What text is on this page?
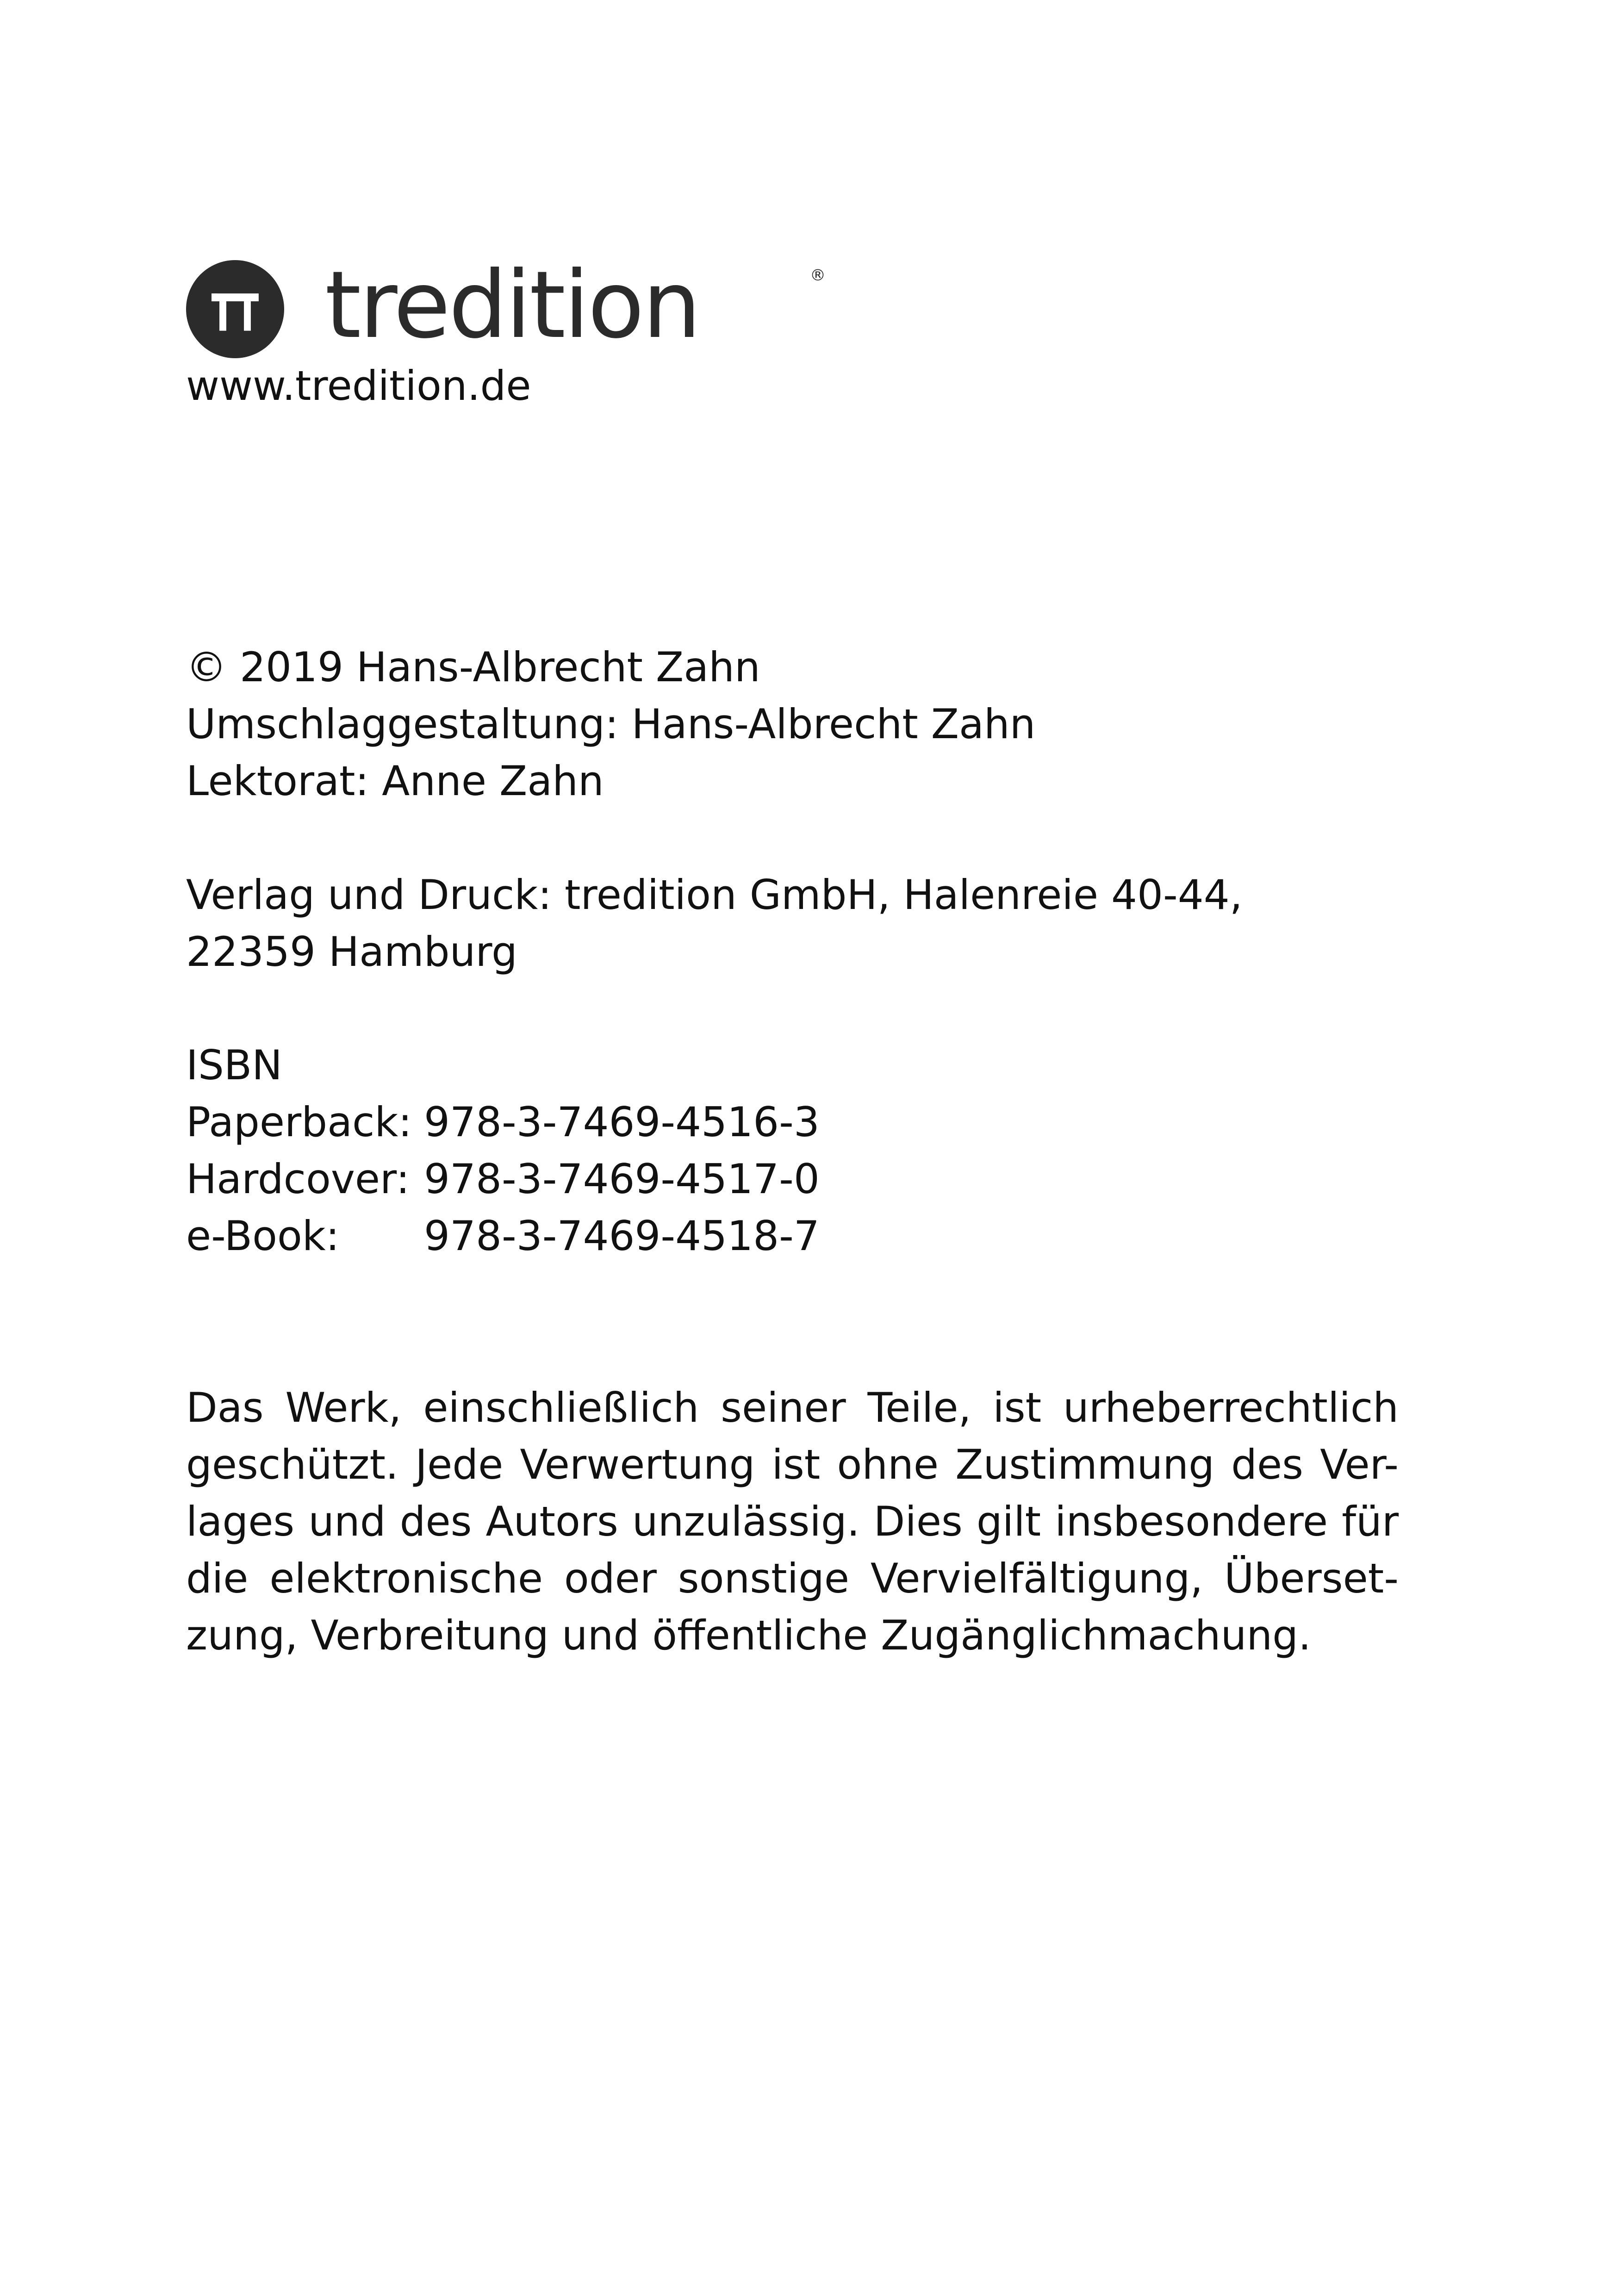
tredition	®
www.tredition.de
© 2019 Hans-Albrecht Zahn
Umschlaggestaltung: Hans-Albrecht Zahn
Lektorat: Anne Zahn
Verlag und Druck: tredition GmbH, Halenreie 40-44,
22359 Hamburg
ISBN
Paperback: 978-3-7469-4516-3
Hardcover: 978-3-7469-4517-0
e-Book:	978-3-7469-4518-7
Das Werk, einschließlich seiner Teile, ist urheberrechtlich geschützt. Jede Verwertung ist ohne Zustimmung des Ver-lages und des Autors unzulässig. Dies gilt insbesondere für die elektronische oder sonstige Vervielfältigung, Überset-zung, Verbreitung und öffentliche Zugänglichmachung.
